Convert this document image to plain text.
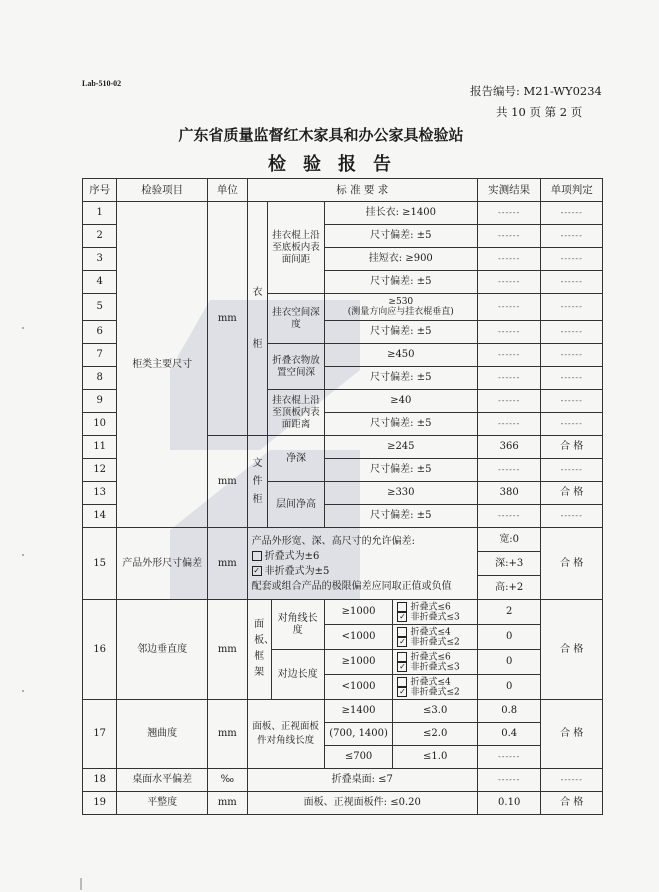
Lab-510-02
报告编号: M21-WY0234
共 10 页 第 2 页
广东省质量监督红木家具和办公家具检验站
检验报告
序号	检验项目	单位	标 准 要 求					实测结果	单项判定
1	柜类主要尺寸	mm	衣柜	挂衣棍上沿至底板内表面间距		挂长衣: ≥1400		------	------
2						尺寸偏差: ±5		------	------
3						挂短衣: ≥900		------	------
4						尺寸偏差: ±5		------	------
5				挂衣空间深度		≥530
(测量方向应与挂衣棍垂直)		------	------
6						尺寸偏差: ±5		------	------
7				折叠衣物放置空间深		≥450		------	------
8						尺寸偏差: ±5		------	------
9				挂衣棍上沿至顶板内表面距离		≥40		------	------
10						尺寸偏差: ±5		------	------
11		mm	文件柜	净深		≥245		366	合 格
12						尺寸偏差: ±5		------	------
13				层间净高		≥330		380	合 格
14						尺寸偏差: ±5		------	------
15	产品外形尺寸偏差	mm	产品外形宽、深、高尺寸的允许偏差:
折叠式为±6
✓非折叠式为±5
配套或组合产品的极限偏差应同取正值或负值					宽:0	合 格
								深:+3	
								高:+2	
16	邻边垂直度	mm	面板、框架		对角线长度	≥1000	折叠式≤6
✓非折叠式≤3	2	合 格
						<1000	折叠式≤4
✓非折叠式≤2	0	
					对边长度	≥1000	折叠式≤6
✓非折叠式≤3	0	
						<1000	折叠式≤4
✓非折叠式≤2	0	
17	翘曲度	mm	面板、正视面板件对角线长度			≥1400	≤3.0	0.8	合 格
						(700, 1400)	≤2.0	0.4	
						≤700	≤1.0	------	
18	桌面水平偏差	‰	折叠桌面: ≤7					------	------
19	平整度	mm	面板、正视面板件: ≤0.20					0.10	合 格
